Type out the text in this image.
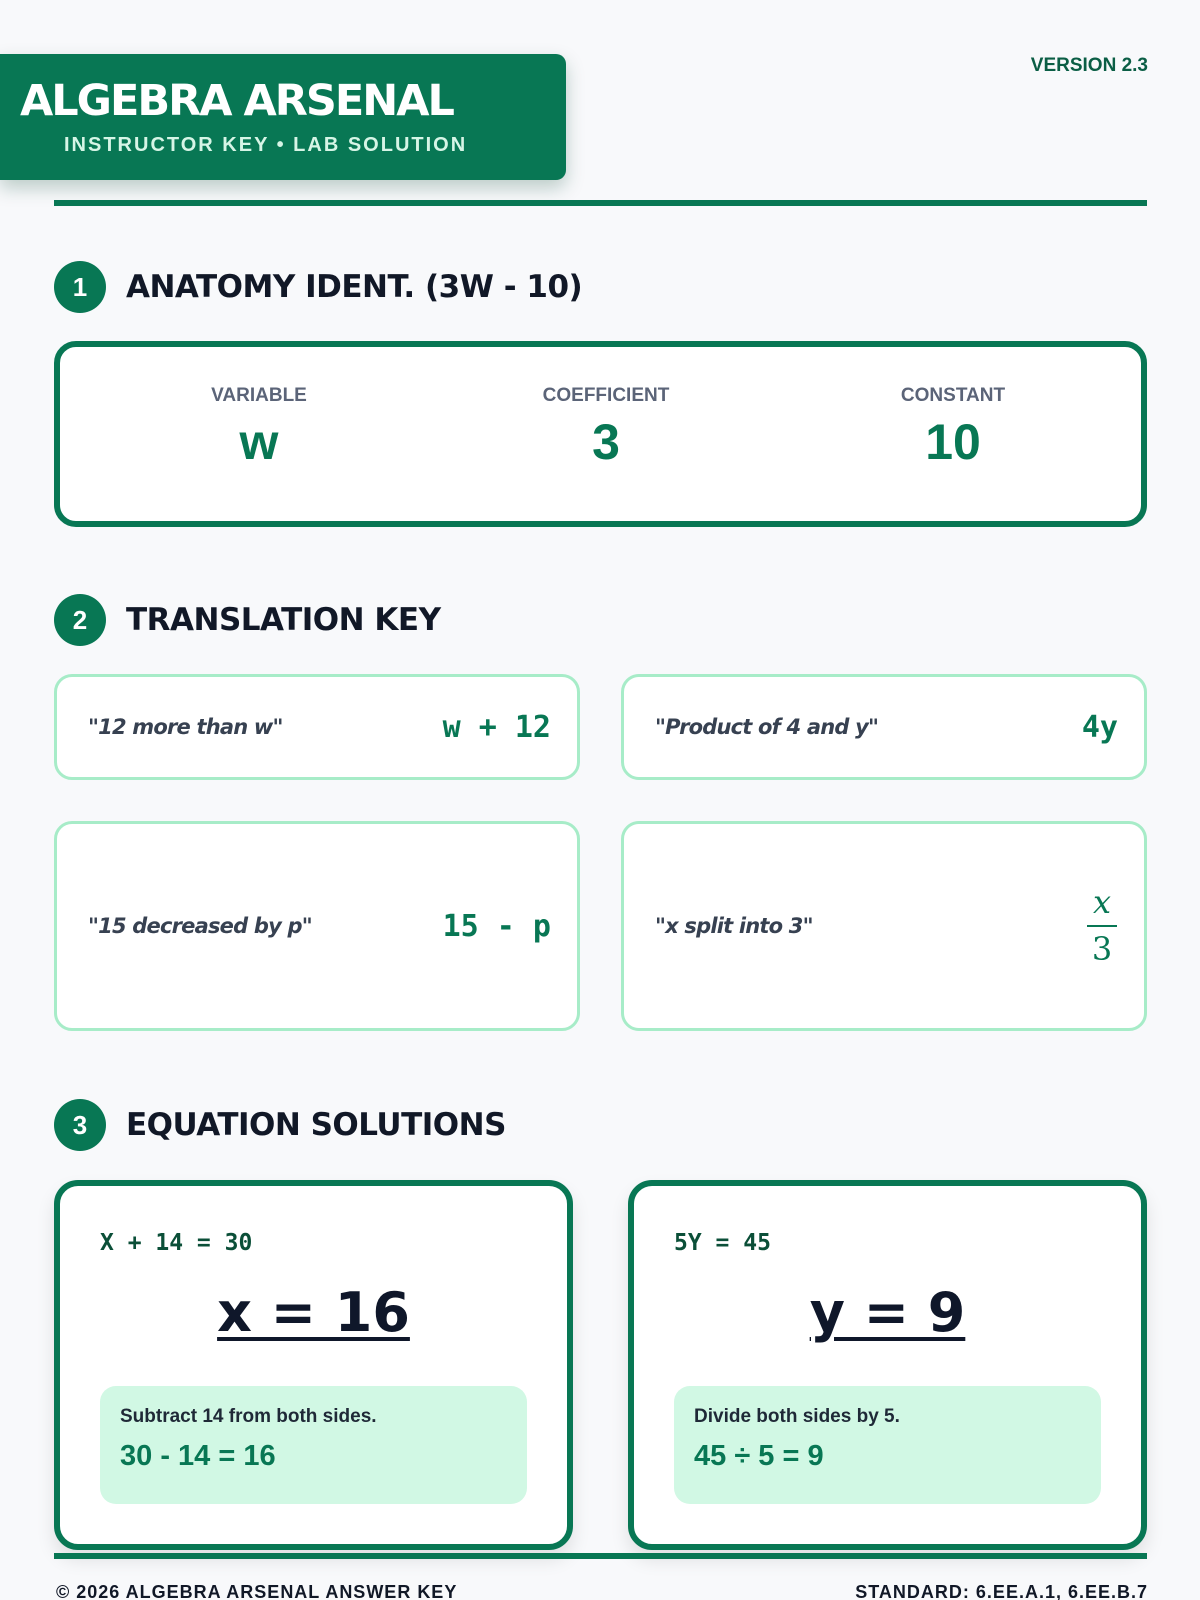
ALGEBRA ARSENAL
INSTRUCTOR KEY • LAB SOLUTION
VERSION 2.3
1	ANATOMY IDENT. (3W - 10)
VARIABLE
w
COEFFICIENT
3
CONSTANT
10
2	TRANSLATION KEY
"12 more than w"	w + 12	"Product of 4 and y"	4y
"15 decreased by p"	15 - p	"x split into 3"	$\frac{x}{3}$
3	EQUATION SOLUTIONS
X + 14 = 30
x = 16
Subtract 14 from both sides.
30 - 14 = 16
5Y = 45
y = 9
Divide both sides by 5.
45 ÷ 5 = 9
© 2026 ALGEBRA ARSENAL ANSWER KEY	STANDARD: 6.EE.A.1, 6.EE.B.7
